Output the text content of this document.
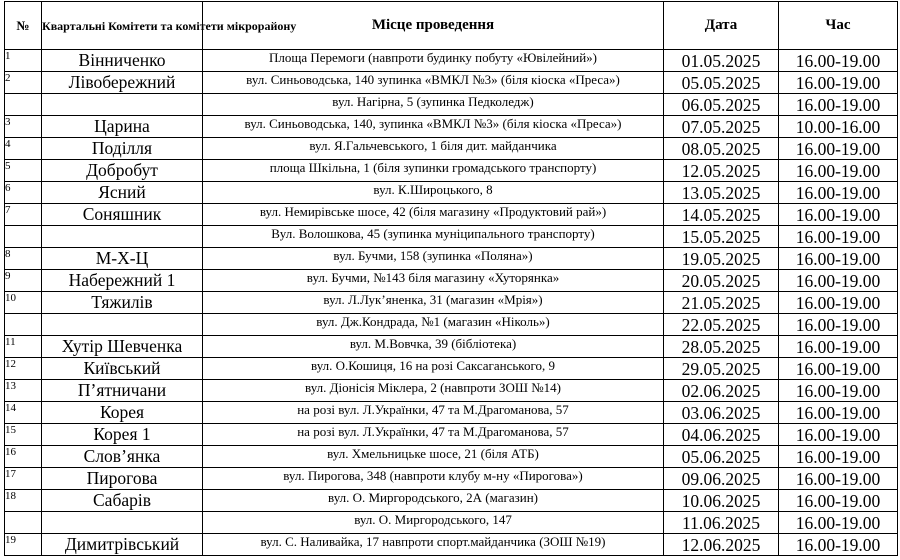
№	Квартальні Комітети та комітети мікрорайону	Місце проведення	Дата	Час
1	Вінниченко	Площа Перемоги (навпроти будинку побуту «Ювілейний»)	01.05.2025	16.00-19.00
2	Лівобережний	вул. Синьоводська, 140 зупинка «ВМКЛ №3» (біля кіоска «Преса»)	05.05.2025	16.00-19.00
		вул. Нагірна, 5 (зупинка Педколедж)	06.05.2025	16.00-19.00
3	Царина	вул. Синьоводська, 140, зупинка «ВМКЛ №3» (біля кіоска «Преса»)	07.05.2025	10.00-16.00
4	Поділля	вул. Я.Гальчевського, 1 біля дит. майданчика	08.05.2025	16.00-19.00
5	Добробут	площа Шкільна, 1 (біля зупинки громадського транспорту)	12.05.2025	16.00-19.00
6	Ясний	вул. К.Широцького, 8	13.05.2025	16.00-19.00
7	Соняшник	вул. Немирівське шосе, 42 (біля магазину «Продуктовий рай»)	14.05.2025	16.00-19.00
		Вул. Волошкова, 45 (зупинка муніципального транспорту)	15.05.2025	16.00-19.00
8	М-Х-Ц	вул. Бучми, 158 (зупинка «Поляна»)	19.05.2025	16.00-19.00
9	Набережний 1	вул. Бучми, №143 біля магазину «Хуторянка»	20.05.2025	16.00-19.00
10	Тяжилів	вул. Л.Лук’яненка, 31 (магазин «Мрія»)	21.05.2025	16.00-19.00
		вул. Дж.Кондрада, №1 (магазин «Ніколь»)	22.05.2025	16.00-19.00
11	Хутір Шевченка	вул. М.Вовчка, 39 (бібліотека)	28.05.2025	16.00-19.00
12	Київський	вул. О.Кошиця, 16 на розі Саксаганського, 9	29.05.2025	16.00-19.00
13	П’ятничани	вул. Діонісія Міклера, 2 (навпроти ЗОШ №14)	02.06.2025	16.00-19.00
14	Корея	на розі вул. Л.Українки, 47 та М.Драгоманова, 57	03.06.2025	16.00-19.00
15	Корея 1	на розі вул. Л.Українки, 47 та М.Драгоманова, 57	04.06.2025	16.00-19.00
16	Слов’янка	вул. Хмельницьке шосе, 21 (біля АТБ)	05.06.2025	16.00-19.00
17	Пирогова	вул. Пирогова, 348 (навпроти клубу м-ну «Пирогова»)	09.06.2025	16.00-19.00
18	Сабарів	вул. О. Миргородського, 2А (магазин)	10.06.2025	16.00-19.00
		вул. О. Миргородського, 147	11.06.2025	16.00-19.00
19	Димитрівський	вул. С. Наливайка, 17 навпроти спорт.майданчика (ЗОШ №19)	12.06.2025	16.00-19.00
